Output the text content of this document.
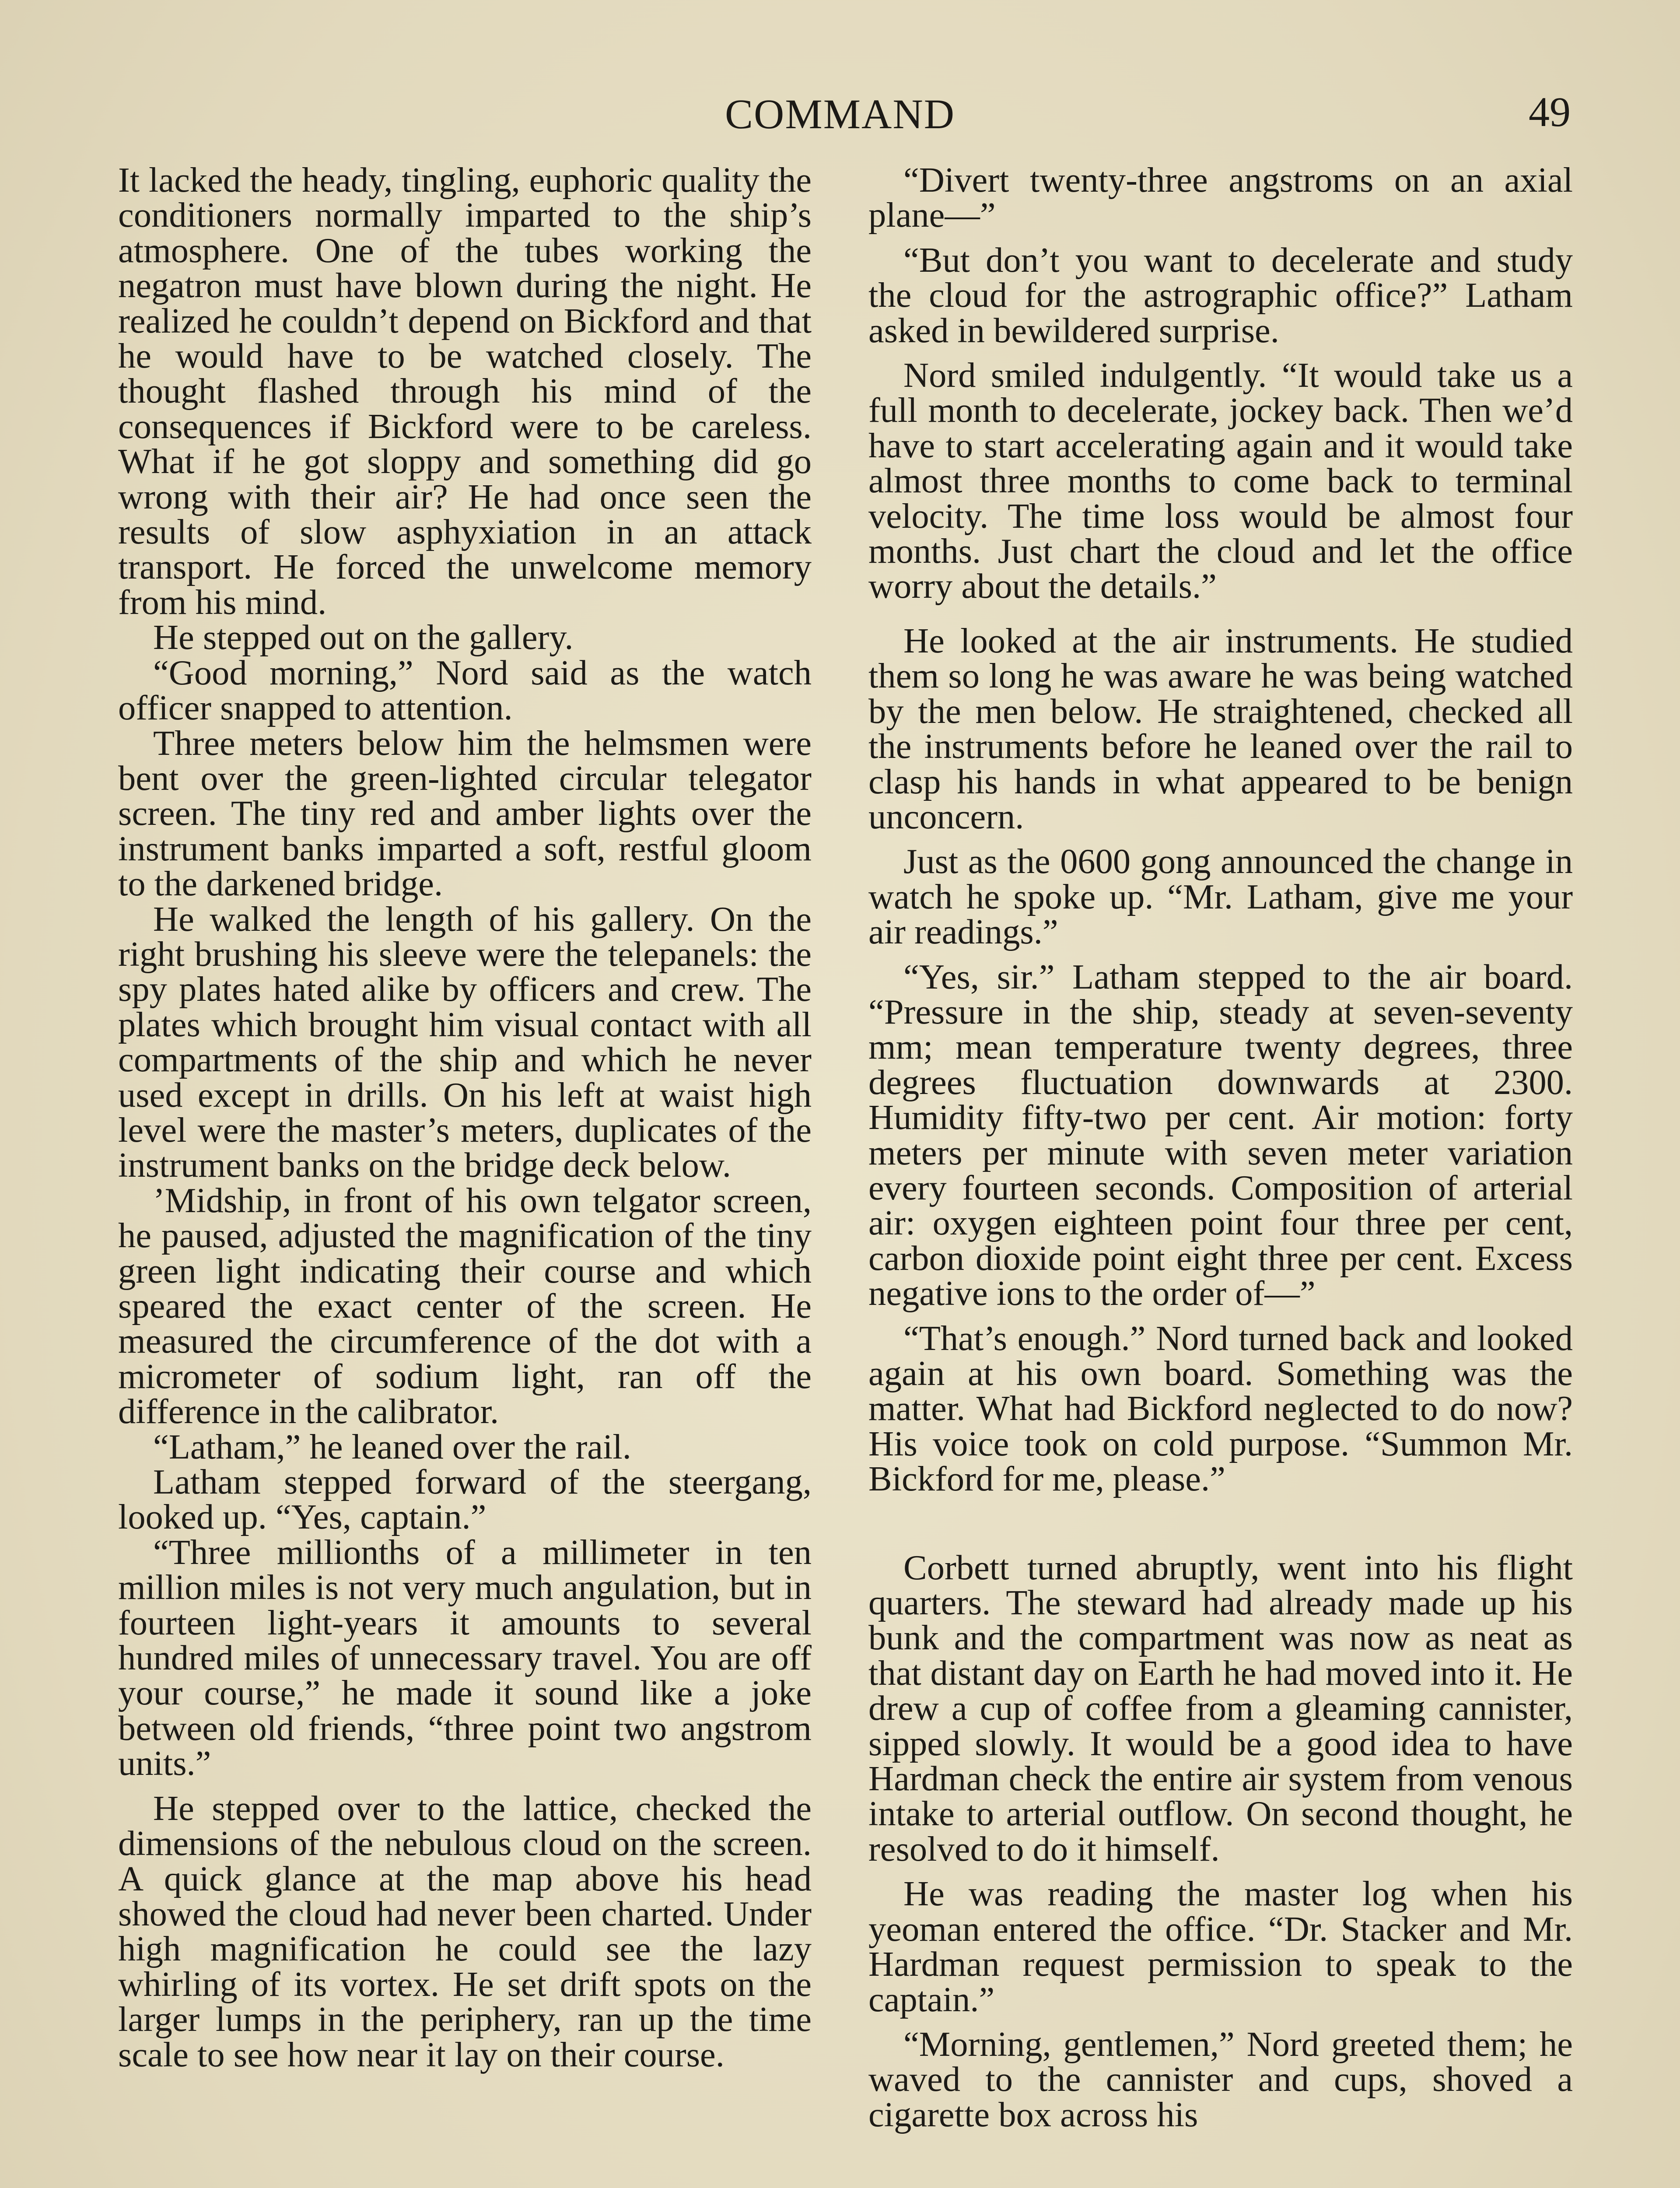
COMMAND	49

It lacked the heady, tingling, euphoric quality the conditioners normally imparted to the ship’s atmosphere. One of the tubes working the negatron must have blown during the night. He realized he couldn’t depend on Bickford and that he would have to be watched closely. The thought flashed through his mind of the consequences if Bickford were to be careless. What if he got sloppy and something did go wrong with their air? He had once seen the results of slow asphyxiation in an attack transport. He forced the unwelcome memory from his mind.

He stepped out on the gallery.

“Good morning,” Nord said as the watch officer snapped to attention.

Three meters below him the helmsmen were bent over the green-lighted circular telegator screen. The tiny red and amber lights over the instrument banks imparted a soft, restful gloom to the darkened bridge.

He walked the length of his gallery. On the right brushing his sleeve were the telepanels: the spy plates hated alike by officers and crew. The plates which brought him visual contact with all compartments of the ship and which he never used except in drills. On his left at waist high level were the master’s meters, duplicates of the instrument banks on the bridge deck below.

’Midship, in front of his own telgator screen, he paused, adjusted the magnification of the tiny green light indicating their course and which speared the exact center of the screen. He measured the circumference of the dot with a micrometer of sodium light, ran off the difference in the calibrator.

“Latham,” he leaned over the rail.

Latham stepped forward of the steergang, looked up. “Yes, captain.”

“Three millionths of a millimeter in ten million miles is not very much angulation, but in fourteen light-years it amounts to several hundred miles of unnecessary travel. You are off your course,” he made it sound like a joke between old friends, “three point two angstrom units.”

He stepped over to the lattice, checked the dimensions of the nebulous cloud on the screen. A quick glance at the map above his head showed the cloud had never been charted. Under high magnification he could see the lazy whirling of its vortex. He set drift spots on the larger lumps in the periphery, ran up the time scale to see how near it lay on their course.

“Divert twenty-three angstroms on an axial plane—”

“But don’t you want to decelerate and study the cloud for the astrographic office?” Latham asked in bewildered surprise.

Nord smiled indulgently. “It would take us a full month to decelerate, jockey back. Then we’d have to start accelerating again and it would take almost three months to come back to terminal velocity. The time loss would be almost four months. Just chart the cloud and let the office worry about the details.”

He looked at the air instruments. He studied them so long he was aware he was being watched by the men below. He straightened, checked all the instruments before he leaned over the rail to clasp his hands in what appeared to be benign unconcern.

Just as the 0600 gong announced the change in watch he spoke up. “Mr. Latham, give me your air readings.”

“Yes, sir.” Latham stepped to the air board. “Pressure in the ship, steady at seven-seventy mm; mean temperature twenty degrees, three degrees fluctuation downwards at 2300. Humidity fifty-two per cent. Air motion: forty meters per minute with seven meter variation every fourteen seconds. Composition of arterial air: oxygen eighteen point four three per cent, carbon dioxide point eight three per cent. Excess negative ions to the order of—”

“That’s enough.” Nord turned back and looked again at his own board. Something was the matter. What had Bickford neglected to do now? His voice took on cold purpose. “Summon Mr. Bickford for me, please.”

Corbett turned abruptly, went into his flight quarters. The steward had already made up his bunk and the compartment was now as neat as that distant day on Earth he had moved into it. He drew a cup of coffee from a gleaming cannister, sipped slowly. It would be a good idea to have Hardman check the entire air system from venous intake to arterial outflow. On second thought, he resolved to do it himself.

He was reading the master log when his yeoman entered the office. “Dr. Stacker and Mr. Hardman request permission to speak to the captain.”

“Morning, gentlemen,” Nord greeted them; he waved to the cannister and cups, shoved a cigarette box across his
